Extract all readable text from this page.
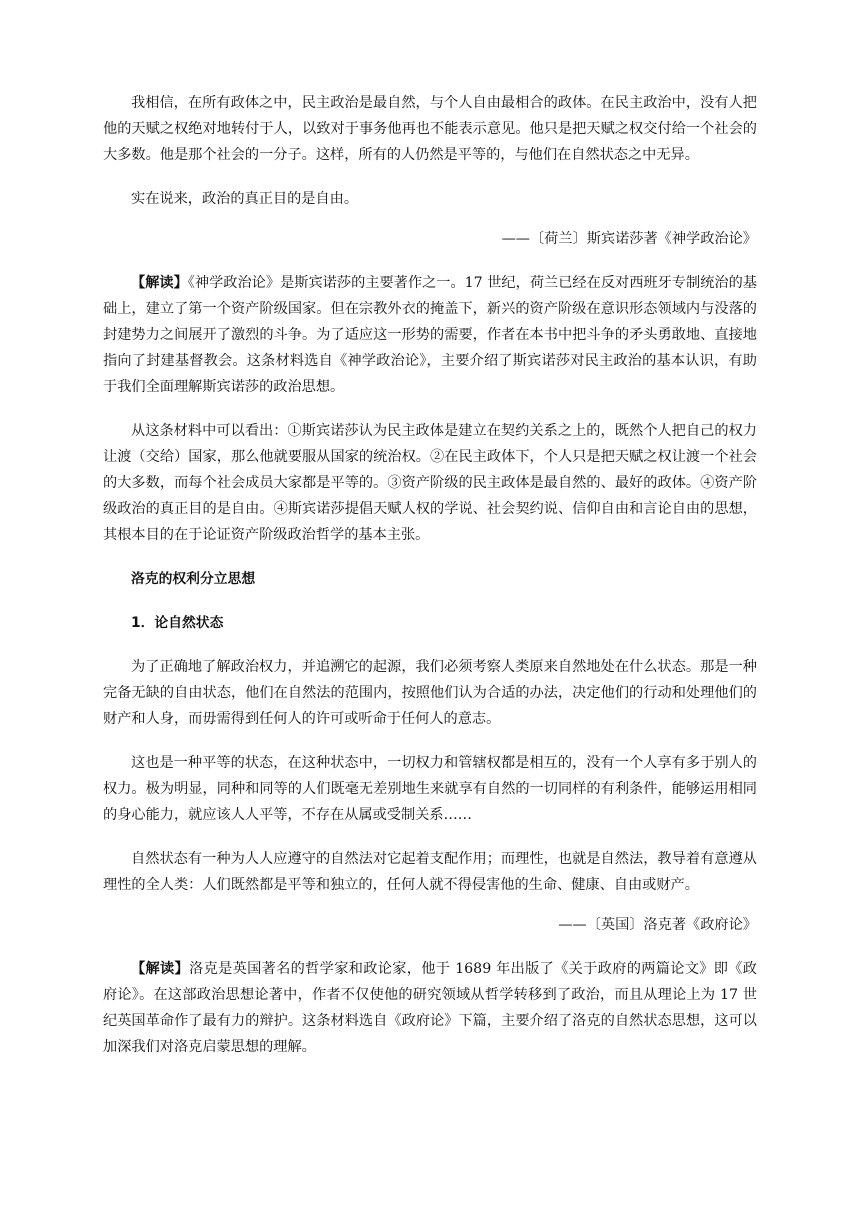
我相信，在所有政体之中，民主政治是最自然，与个人自由最相合的政体。在民主政治中，没有人把他的天赋之权绝对地转付于人，以致对于事务他再也不能表示意见。他只是把天赋之权交付给一个社会的大多数。他是那个社会的一分子。这样，所有的人仍然是平等的，与他们在自然状态之中无异。

实在说来，政治的真正目的是自由。

——〔荷兰〕斯宾诺莎著《神学政治论》

【解读】《神学政治论》是斯宾诺莎的主要著作之一。17 世纪，荷兰已经在反对西班牙专制统治的基础上，建立了第一个资产阶级国家。但在宗教外衣的掩盖下，新兴的资产阶级在意识形态领域内与没落的封建势力之间展开了激烈的斗争。为了适应这一形势的需要，作者在本书中把斗争的矛头勇敢地、直接地指向了封建基督教会。这条材料选自《神学政治论》，主要介绍了斯宾诺莎对民主政治的基本认识，有助于我们全面理解斯宾诺莎的政治思想。

从这条材料中可以看出：①斯宾诺莎认为民主政体是建立在契约关系之上的，既然个人把自己的权力让渡（交给）国家，那么他就要服从国家的统治权。②在民主政体下，个人只是把天赋之权让渡一个社会的大多数，而每个社会成员大家都是平等的。③资产阶级的民主政体是最自然的、最好的政体。④资产阶级政治的真正目的是自由。④斯宾诺莎提倡天赋人权的学说、社会契约说、信仰自由和言论自由的思想，其根本目的在于论证资产阶级政治哲学的基本主张。

洛克的权利分立思想

1．论自然状态

为了正确地了解政治权力，并追溯它的起源，我们必须考察人类原来自然地处在什么状态。那是一种完备无缺的自由状态，他们在自然法的范围内，按照他们认为合适的办法，决定他们的行动和处理他们的财产和人身，而毋需得到任何人的许可或听命于任何人的意志。

这也是一种平等的状态，在这种状态中，一切权力和管辖权都是相互的，没有一个人享有多于别人的权力。极为明显，同种和同等的人们既毫无差别地生来就享有自然的一切同样的有利条件，能够运用相同的身心能力，就应该人人平等，不存在从属或受制关系……

自然状态有一种为人人应遵守的自然法对它起着支配作用；而理性，也就是自然法，教导着有意遵从理性的全人类：人们既然都是平等和独立的，任何人就不得侵害他的生命、健康、自由或财产。

——〔英国〕洛克著《政府论》

【解读】洛克是英国著名的哲学家和政论家，他于 1689 年出版了《关于政府的两篇论文》即《政府论》。在这部政治思想论著中，作者不仅使他的研究领域从哲学转移到了政治，而且从理论上为 17 世纪英国革命作了最有力的辩护。这条材料选自《政府论》下篇，主要介绍了洛克的自然状态思想，这可以加深我们对洛克启蒙思想的理解。
